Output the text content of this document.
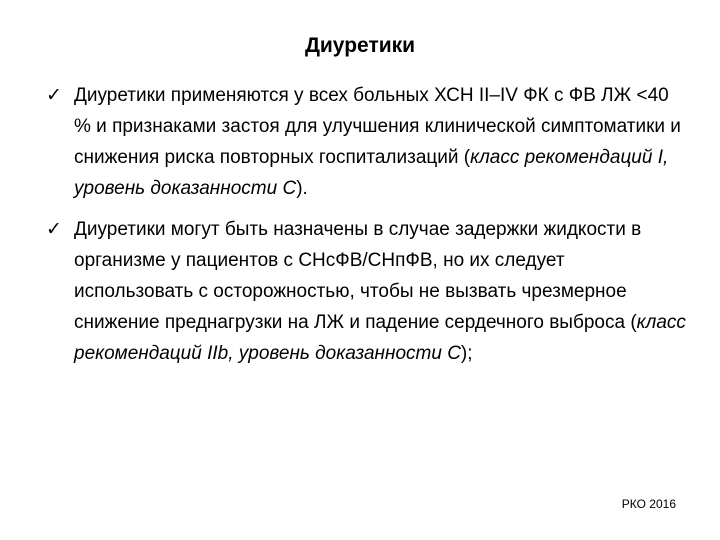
Диуретики
✓ Диуретики применяются у всех больных ХСН II–IV ФК с ФВ ЛЖ <40 % и признаками застоя для улучшения клинической симптоматики и снижения риска повторных госпитализаций (класс рекомендаций I, уровень доказанности С).
✓ Диуретики могут быть назначены в случае задержки жидкости в организме у пациентов с СНсФВ/СНпФВ, но их следует использовать с осторожностью, чтобы не вызвать чрезмерное снижение преднагрузки на ЛЖ и падение сердечного выброса (класс рекомендаций IIb, уровень доказанности С);
РКО 2016
